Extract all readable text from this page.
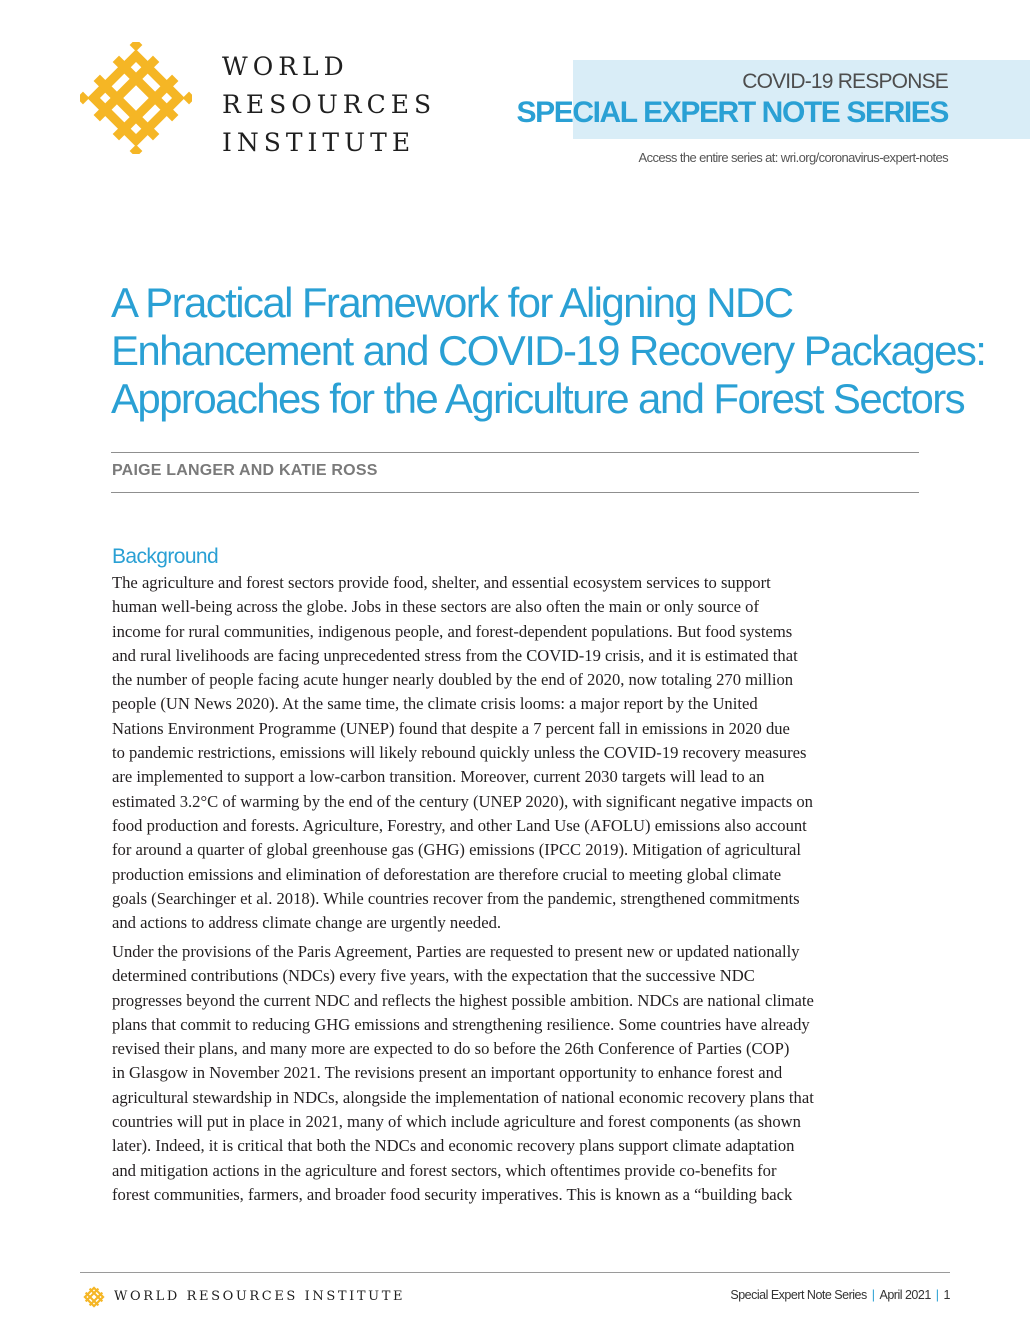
WORLD
RESOURCES
INSTITUTE
COVID-19 RESPONSE
SPECIAL EXPERT NOTE SERIES
Access the entire series at: wri.org/coronavirus-expert-notes
A Practical Framework for Aligning NDC
Enhancement and COVID-19 Recovery Packages:
Approaches for the Agriculture and Forest Sectors
PAIGE LANGER AND KATIE ROSS
Background
The agriculture and forest sectors provide food, shelter, and essential ecosystem services to support
human well-being across the globe. Jobs in these sectors are also often the main or only source of
income for rural communities, indigenous people, and forest-dependent populations. But food systems
and rural livelihoods are facing unprecedented stress from the COVID-19 crisis, and it is estimated that
the number of people facing acute hunger nearly doubled by the end of 2020, now totaling 270 million
people (UN News 2020). At the same time, the climate crisis looms: a major report by the United
Nations Environment Programme (UNEP) found that despite a 7 percent fall in emissions in 2020 due
to pandemic restrictions, emissions will likely rebound quickly unless the COVID-19 recovery measures
are implemented to support a low-carbon transition. Moreover, current 2030 targets will lead to an
estimated 3.2°C of warming by the end of the century (UNEP 2020), with significant negative impacts on
food production and forests. Agriculture, Forestry, and other Land Use (AFOLU) emissions also account
for around a quarter of global greenhouse gas (GHG) emissions (IPCC 2019). Mitigation of agricultural
production emissions and elimination of deforestation are therefore crucial to meeting global climate
goals (Searchinger et al. 2018). While countries recover from the pandemic, strengthened commitments
and actions to address climate change are urgently needed.
Under the provisions of the Paris Agreement, Parties are requested to present new or updated nationally
determined contributions (NDCs) every five years, with the expectation that the successive NDC
progresses beyond the current NDC and reflects the highest possible ambition. NDCs are national climate
plans that commit to reducing GHG emissions and strengthening resilience. Some countries have already
revised their plans, and many more are expected to do so before the 26th Conference of Parties (COP)
in Glasgow in November 2021. The revisions present an important opportunity to enhance forest and
agricultural stewardship in NDCs, alongside the implementation of national economic recovery plans that
countries will put in place in 2021, many of which include agriculture and forest components (as shown
later). Indeed, it is critical that both the NDCs and economic recovery plans support climate adaptation
and mitigation actions in the agriculture and forest sectors, which oftentimes provide co-benefits for
forest communities, farmers, and broader food security imperatives. This is known as a “building back
WORLD RESOURCES INSTITUTE	Special Expert Note Series | April 2021 | 1
